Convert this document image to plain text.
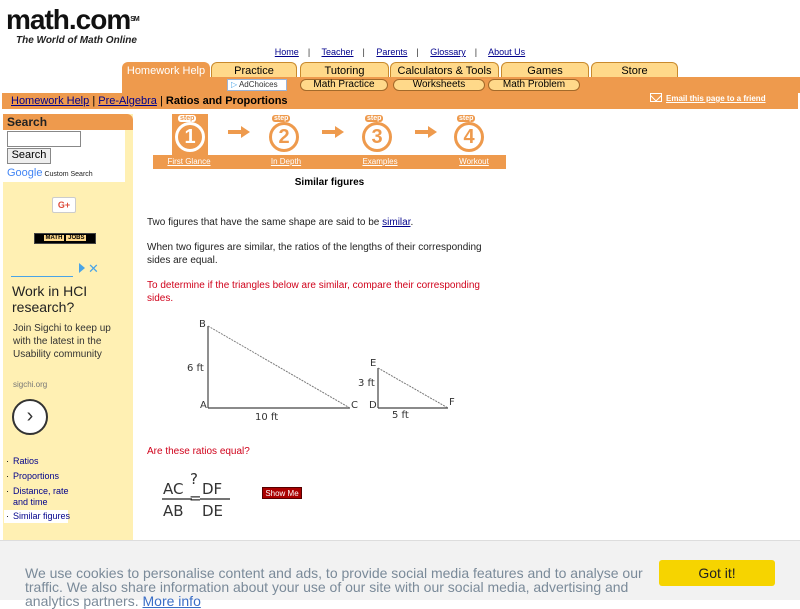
math.com℠
The World of Math Online
Home | Teacher | Parents | Glossary | About Us
Homework Help	Practice	Tutoring	Calculators & Tools	Games	Store
▷ AdChoices	Math Practice	Worksheets	Math Problem
Homework Help | Pre-Algebra | Ratios and Proportions	Email this page to a friend
Search
Search
Google Custom Search
G+
MATH JOBS
✕
Work in HCI research?
Join Sigchi to keep up with the latest in the Usability community
sigchi.org
›
· Ratios
· Proportions
· Distance, rate and time
· Similar figures
step
1
step
2
step
3
step
4
First Glance	In Depth	Examples	Workout
Similar figures
Two figures that have the same shape are said to be similar.
When two figures are similar, the ratios of the lengths of their corresponding sides are equal.
To determine if the triangles below are similar, compare their corresponding sides.
B
A	C
6 ft
10 ft
E
D	F
3 ft
5 ft
Are these ratios equal?
AC
AB
?
= DF
DE
Show Me
We use cookies to personalise content and ads, to provide social media features and to analyse our traffic. We also share information about your use of our site with our social media, advertising and analytics partners. More info
Got it!
